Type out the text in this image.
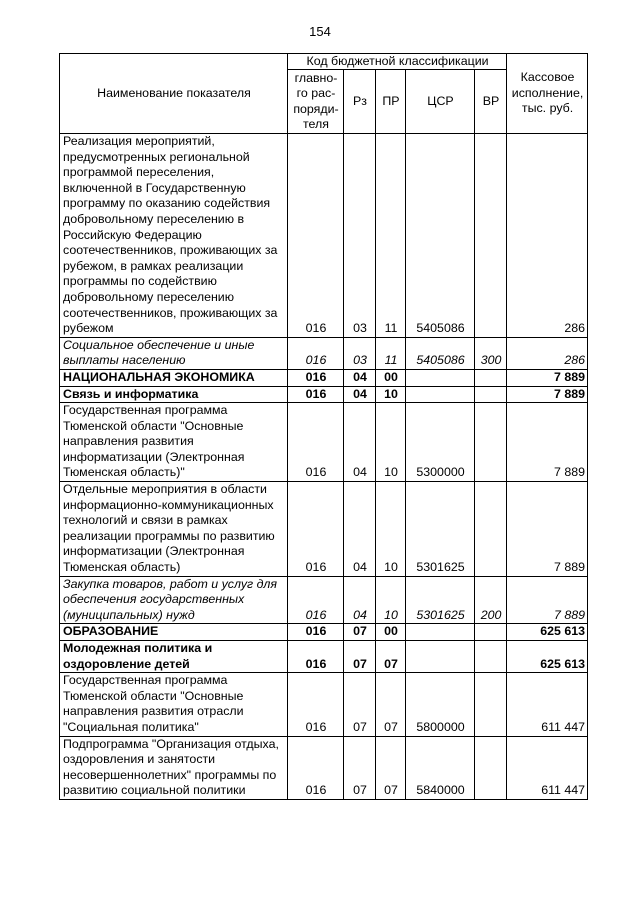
154
Наименование показателя	Код бюджетной классификации					Кассовое исполнение, тыс. руб.
	главно-го рас-поряди-теля	Рз	ПР	ЦСР	ВР	
Реализация мероприятий, предусмотренных региональной программой переселения, включенной в Государственную программу по оказанию содействия добровольному переселению в Российскую Федерацию соотечественников, проживающих за рубежом, в рамках реализации программы по содействию добровольному переселению соотечественников, проживающих за рубежом	016	03	11	5405086		286
Социальное обеспечение и иные выплаты населению	016	03	11	5405086	300	286
НАЦИОНАЛЬНАЯ ЭКОНОМИКА	016	04	00			7 889
Связь и информатика	016	04	10			7 889
Государственная программа Тюменской области "Основные направления развития информатизации (Электронная Тюменская область)"	016	04	10	5300000		7 889
Отдельные мероприятия в области информационно-коммуникационных технологий и связи в рамках реализации программы по развитию информатизации (Электронная Тюменская область)	016	04	10	5301625		7 889
Закупка товаров, работ и услуг для обеспечения государственных (муниципальных) нужд	016	04	10	5301625	200	7 889
ОБРАЗОВАНИЕ	016	07	00			625 613
Молодежная политика и оздоровление детей	016	07	07			625 613
Государственная программа Тюменской области "Основные направления развития отрасли "Социальная политика"	016	07	07	5800000		611 447
Подпрограмма "Организация отдыха, оздоровления и занятости несовершеннолетних" программы по развитию социальной политики	016	07	07	5840000		611 447
